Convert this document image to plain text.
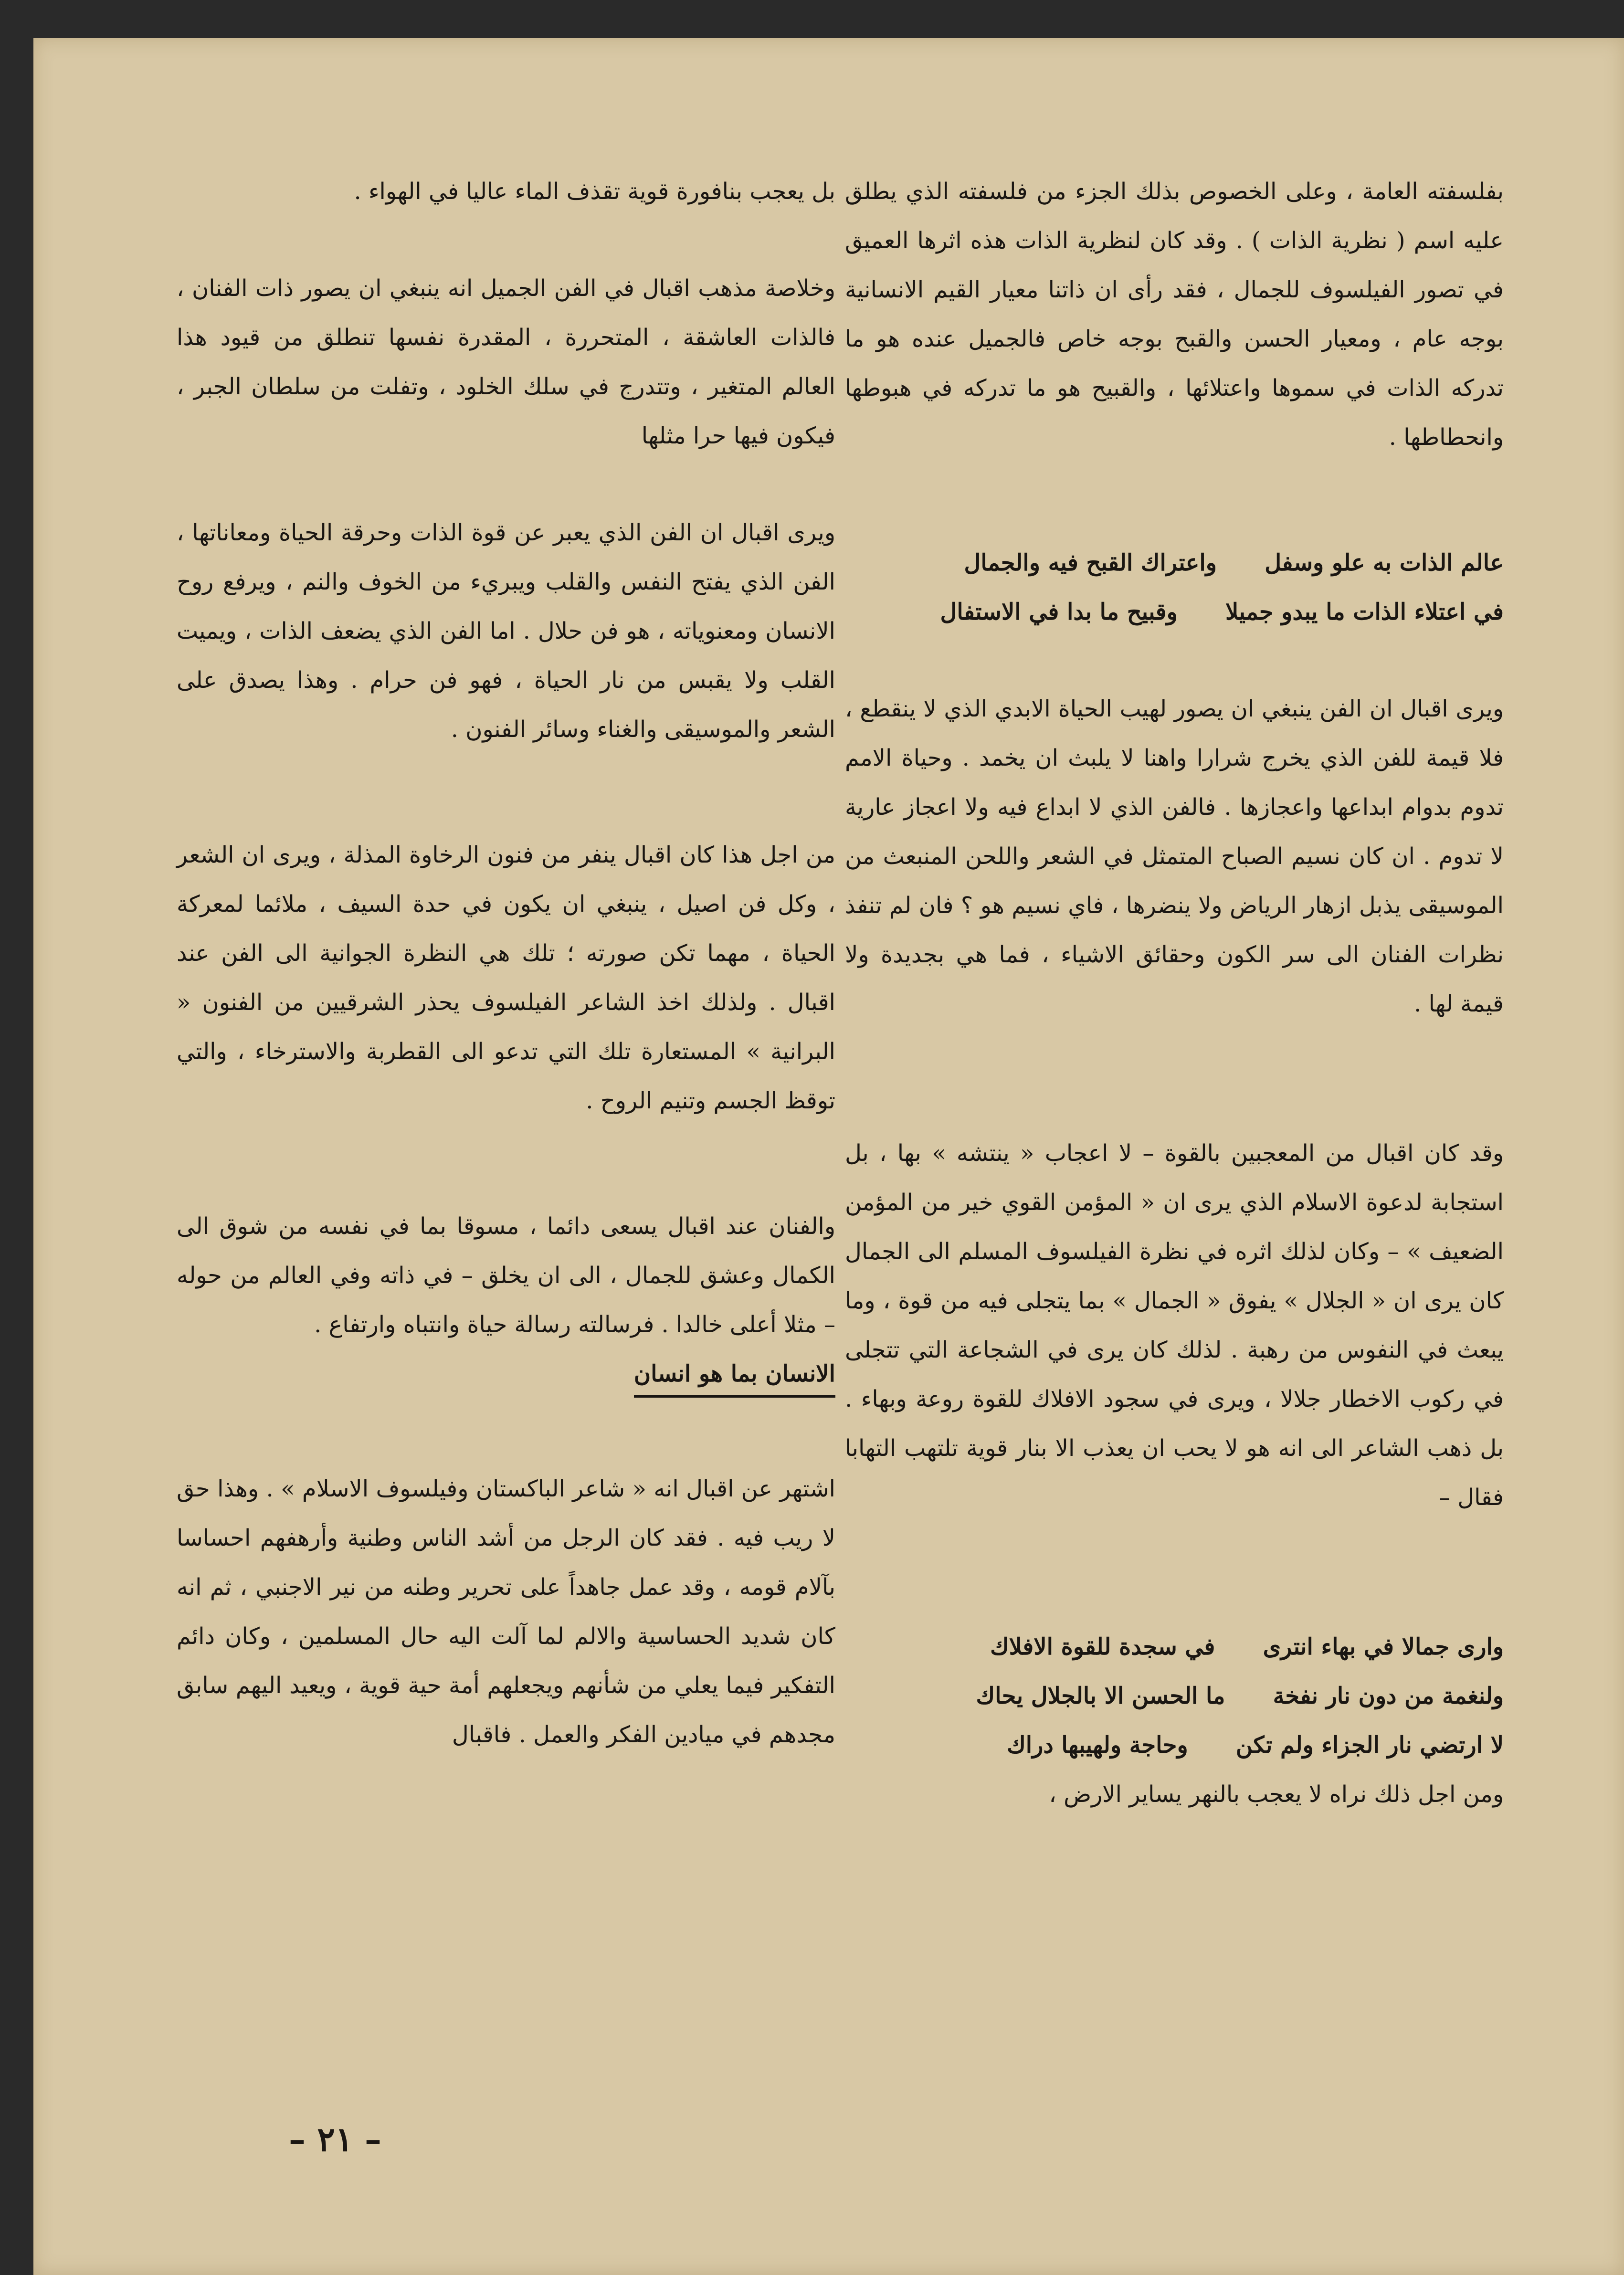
بفلسفته العامة ، وعلى الخصوص بذلك الجزء من فلسفته الذي يطلق عليه اسم ( نظرية الذات ) . وقد كان لنظرية الذات هذه اثرها العميق في تصور الفيلسوف للجمال ، فقد رأى ان ذاتنا معيار القيم الانسانية بوجه عام ، ومعيار الحسن والقبح بوجه خاص فالجميل عنده هو ما تدركه الذات في سموها واعتلائها ، والقبيح هو ما تدركه في هبوطها وانحطاطها .

عالم الذات به علو وسفل      واعتراك القبح فيه والجمال

في اعتلاء الذات ما يبدو جميلا      وقبيح ما بدا في الاستفال

ويرى اقبال ان الفن ينبغي ان يصور لهيب الحياة الابدي الذي لا ينقطع ، فلا قيمة للفن الذي يخرج شرارا واهنا لا يلبث ان يخمد . وحياة الامم تدوم بدوام ابداعها واعجازها . فالفن الذي لا ابداع فيه ولا اعجاز عارية لا تدوم . ان كان نسيم الصباح المتمثل في الشعر واللحن المنبعث من الموسيقى يذبل ازهار الرياض ولا ينضرها ، فاي نسيم هو ؟ فان لم تنفذ نظرات الفنان الى سر الكون وحقائق الاشياء ، فما هي بجديدة ولا قيمة لها .

وقد كان اقبال من المعجبين بالقوة – لا اعجاب « ينتشه » بها ، بل استجابة لدعوة الاسلام الذي يرى ان « المؤمن القوي خير من المؤمن الضعيف » – وكان لذلك اثره في نظرة الفيلسوف المسلم الى الجمال كان يرى ان « الجلال » يفوق « الجمال » بما يتجلى فيه من قوة ، وما يبعث في النفوس من رهبة . لذلك كان يرى في الشجاعة التي تتجلى في ركوب الاخطار جلالا ، ويرى في سجود الافلاك للقوة روعة وبهاء . بل ذهب الشاعر الى انه هو لا يحب ان يعذب الا بنار قوية تلتهب التهابا فقال –

وارى جمالا في بهاء انترى      في سجدة للقوة الافلاك

ولنغمة من دون نار نفخة      ما الحسن الا بالجلال يحاك

لا ارتضي نار الجزاء ولم تكن      وحاجة ولهيبها دراك

ومن اجل ذلك نراه لا يعجب بالنهر يساير الارض ،

بل يعجب بنافورة قوية تقذف الماء عاليا في الهواء .

وخلاصة مذهب اقبال في الفن الجميل انه ينبغي ان يصور ذات الفنان ، فالذات العاشقة ، المتحررة ، المقدرة نفسها تنطلق من قيود هذا العالم المتغير ، وتتدرج في سلك الخلود ، وتفلت من سلطان الجبر ، فيكون فيها حرا مثلها

ويرى اقبال ان الفن الذي يعبر عن قوة الذات وحرقة الحياة ومعاناتها ، الفن الذي يفتح النفس والقلب ويبريء من الخوف والنم ، ويرفع روح الانسان ومعنوياته ، هو فن حلال . اما الفن الذي يضعف الذات ، ويميت القلب ولا يقبس من نار الحياة ، فهو فن حرام . وهذا يصدق على الشعر والموسيقى والغناء وسائر الفنون .

من اجل هذا كان اقبال ينفر من فنون الرخاوة المذلة ، ويرى ان الشعر ، وكل فن اصيل ، ينبغي ان يكون في حدة السيف ، ملائما لمعركة الحياة ، مهما تكن صورته ؛ تلك هي النظرة الجوانية الى الفن عند اقبال . ولذلك اخذ الشاعر الفيلسوف يحذر الشرقيين من الفنون « البرانية » المستعارة تلك التي تدعو الى القطربة والاسترخاء ، والتي توقظ الجسم وتنيم الروح .

والفنان عند اقبال يسعى دائما ، مسوقا بما في نفسه من شوق الى الكمال وعشق للجمال ، الى ان يخلق – في ذاته وفي العالم من حوله – مثلا أعلى خالدا . فرسالته رسالة حياة وانتباه وارتفاع .

الانسان بما هو انسان

اشتهر عن اقبال انه « شاعر الباكستان وفيلسوف الاسلام » . وهذا حق لا ريب فيه . فقد كان الرجل من أشد الناس وطنية وأرهفهم احساسا بآلام قومه ، وقد عمل جاهداً على تحرير وطنه من نير الاجنبي ، ثم انه كان شديد الحساسية والالم لما آلت اليه حال المسلمين ، وكان دائم التفكير فيما يعلي من شأنهم ويجعلهم أمة حية قوية ، ويعيد اليهم سابق مجدهم في ميادين الفكر والعمل . فاقبال

– ٢١ –
